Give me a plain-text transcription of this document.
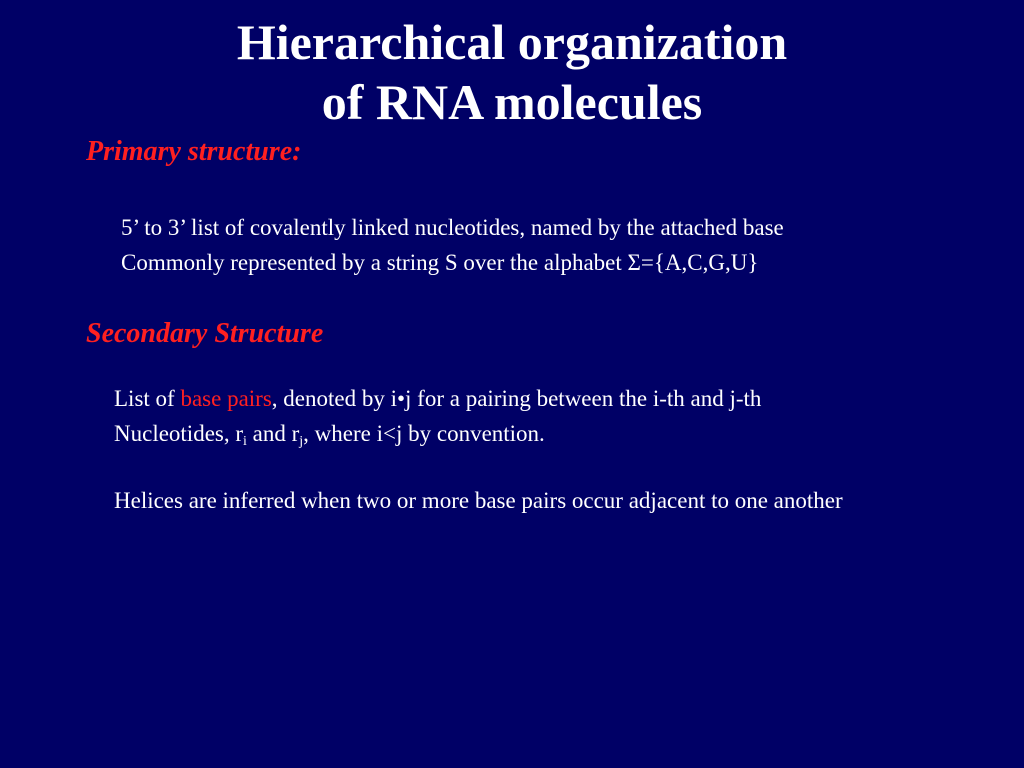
Hierarchical organization
of RNA molecules
Primary structure:
5’ to 3’ list of covalently linked nucleotides, named by the attached base
Commonly represented by a string S over the alphabet Σ={A,C,G,U}
Secondary Structure
List of base pairs, denoted by i•j for a pairing between the i-th and j-th
Nucleotides, $r_i$ and $r_j$, where i<j by convention.
Helices are inferred when two or more base pairs occur adjacent to one another
